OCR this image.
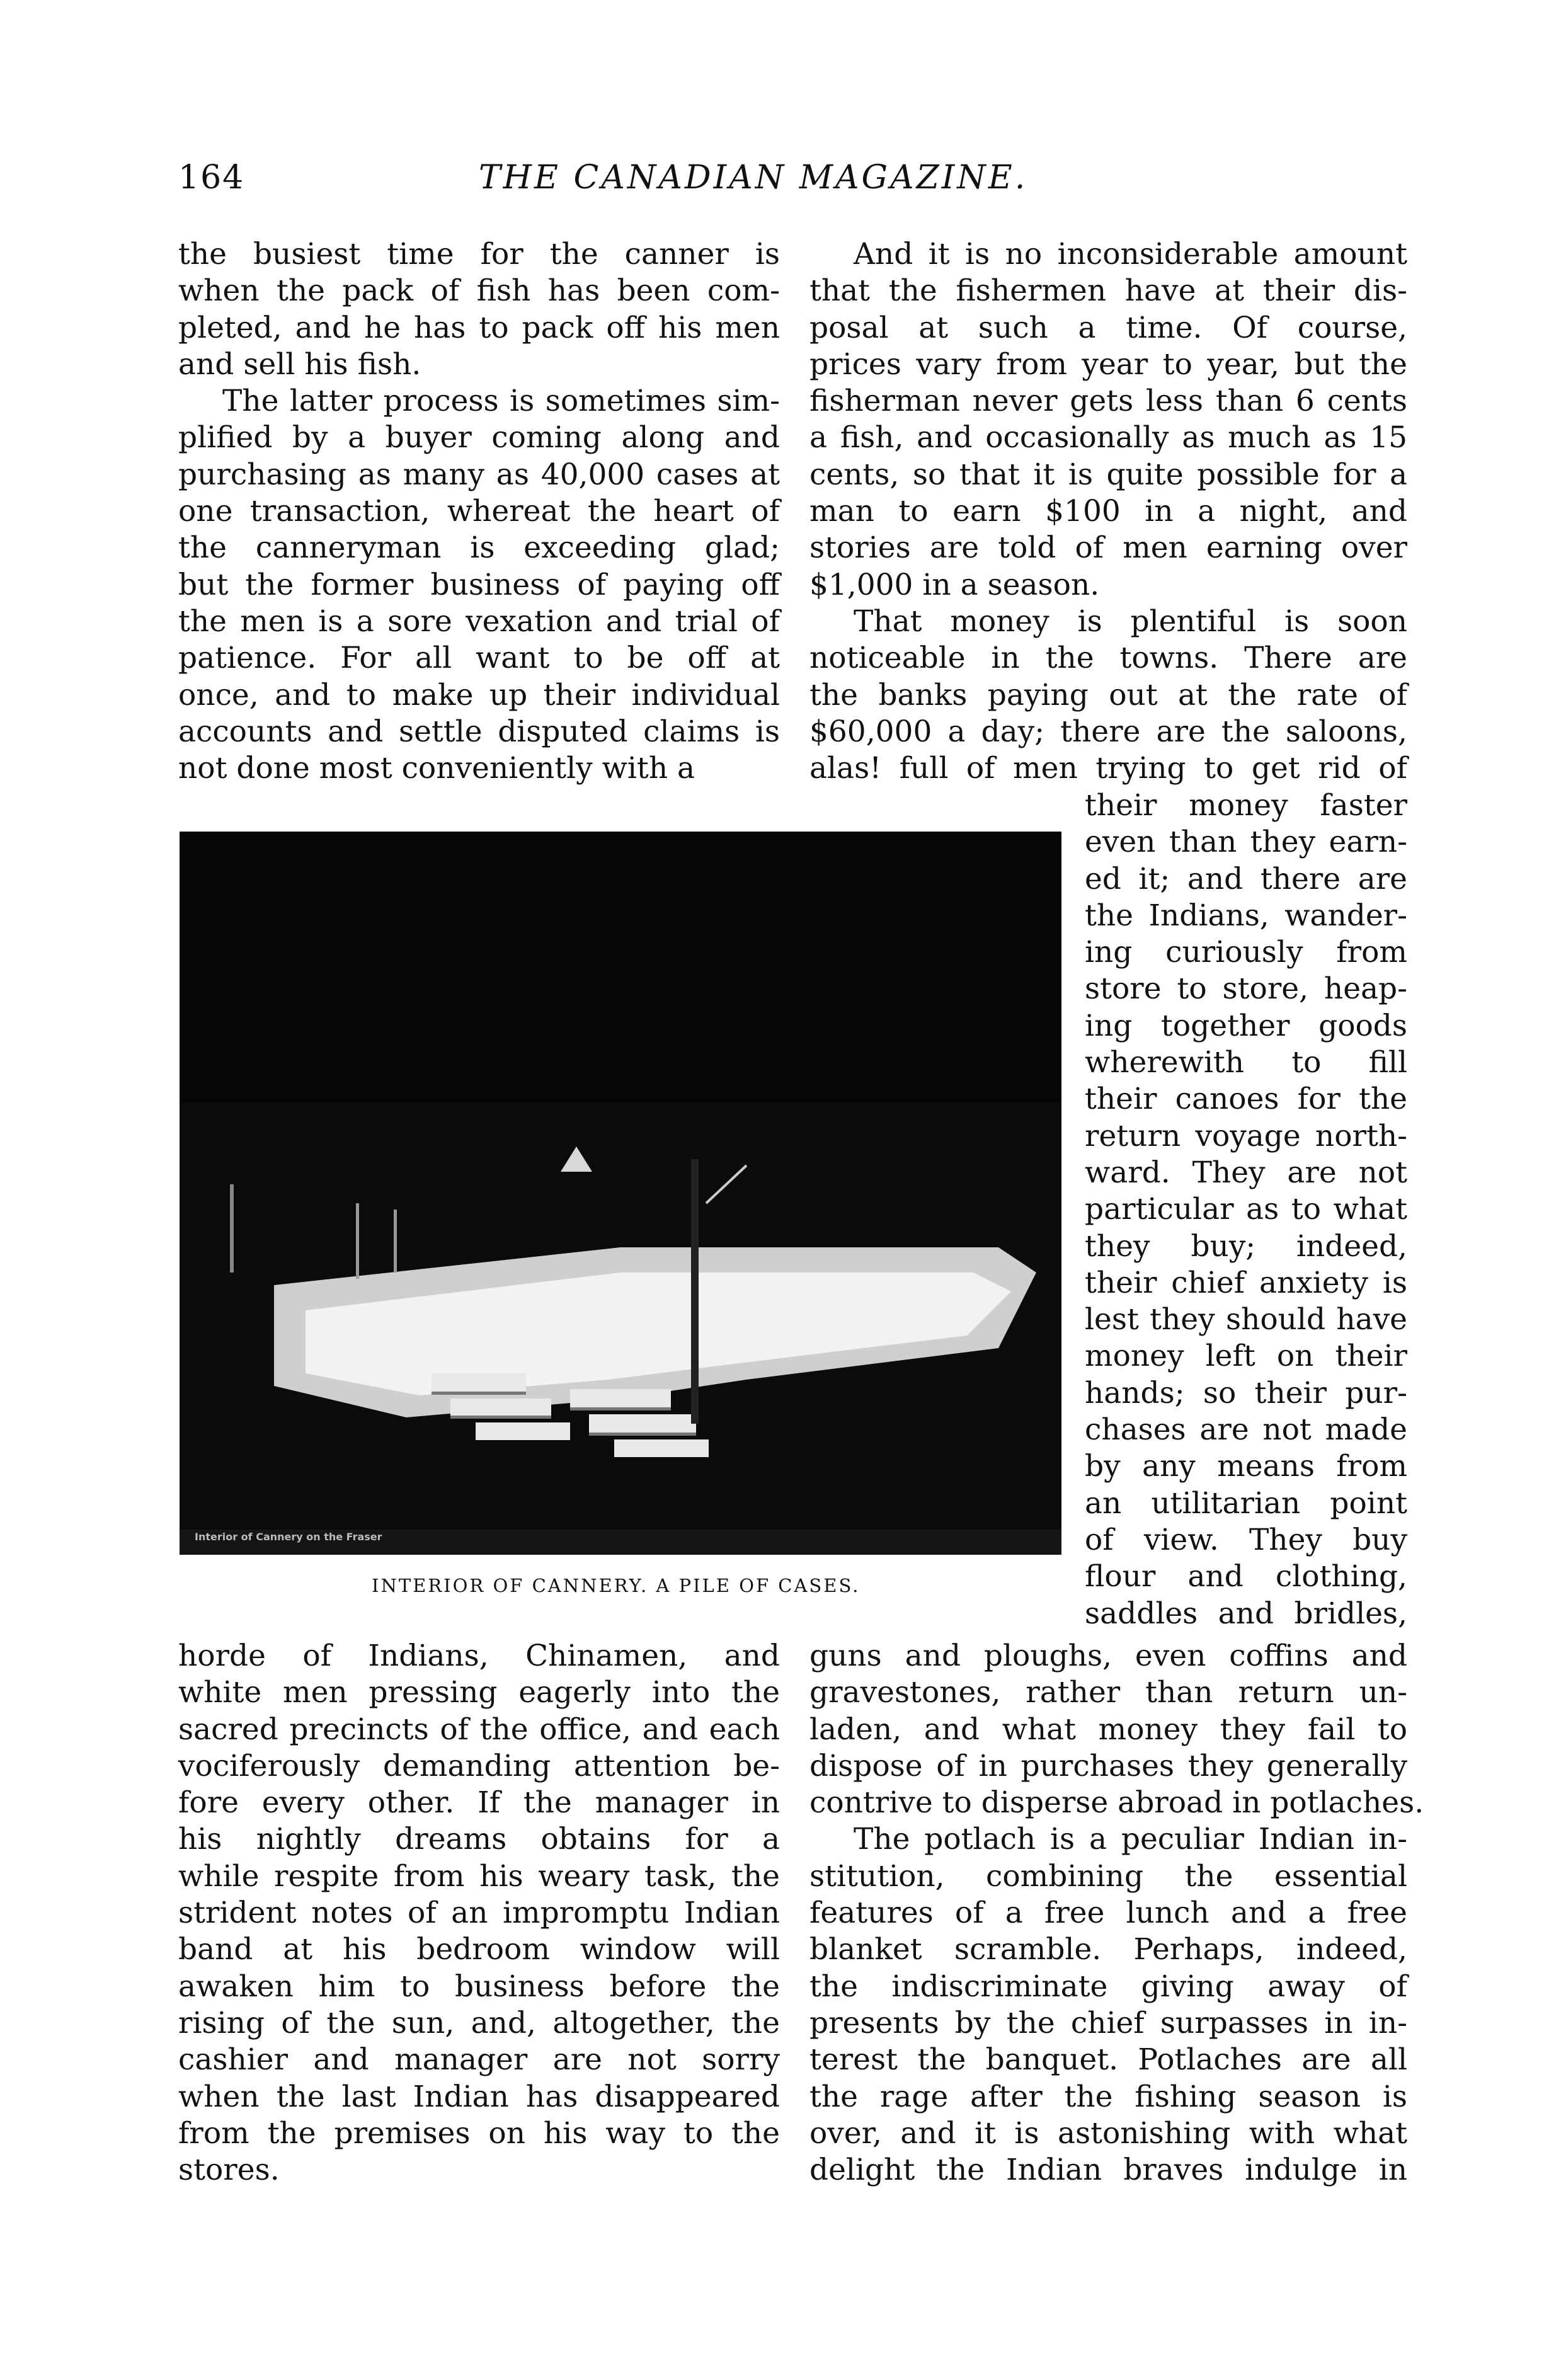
164	THE CANADIAN MAGAZINE.
the busiest time for the canner is
when the pack of fish has been com-
pleted, and he has to pack off his men
and sell his fish.
The latter process is sometimes sim-
plified by a buyer coming along and
purchasing as many as 40,000 cases at
one transaction, whereat the heart of
the canneryman is exceeding glad;
but the former business of paying off
the men is a sore vexation and trial of
patience. For all want to be off at
once, and to make up their individual
accounts and settle disputed claims is
not done most conveniently with a
And it is no inconsiderable amount
that the fishermen have at their dis-
posal at such a time. Of course,
prices vary from year to year, but the
fisherman never gets less than 6 cents
a fish, and occasionally as much as 15
cents, so that it is quite possible for a
man to earn $100 in a night, and
stories are told of men earning over
$1,000 in a season.
That money is plentiful is soon
noticeable in the towns. There are
the banks paying out at the rate of
$60,000 a day; there are the saloons,
alas! full of men trying to get rid of
their money faster
even than they earn-
ed it; and there are
the Indians, wander-
ing curiously from
store to store, heap-
ing together goods
wherewith to fill
their canoes for the
return voyage north-
ward. They are not
particular as to what
they buy; indeed,
their chief anxiety is
lest they should have
money left on their
hands; so their pur-
chases are not made
by any means from
an utilitarian point
of view. They buy
flour and clothing,
saddles and bridles,
Interior of Cannery on the Fraser
INTERIOR OF CANNERY. A PILE OF CASES.
horde of Indians, Chinamen, and
white men pressing eagerly into the
sacred precincts of the office, and each
vociferously demanding attention be-
fore every other. If the manager in
his nightly dreams obtains for a
while respite from his weary task, the
strident notes of an impromptu Indian
band at his bedroom window will
awaken him to business before the
rising of the sun, and, altogether, the
cashier and manager are not sorry
when the last Indian has disappeared
from the premises on his way to the
stores.
guns and ploughs, even coffins and
gravestones, rather than return un-
laden, and what money they fail to
dispose of in purchases they generally
contrive to disperse abroad in potlaches.
The potlach is a peculiar Indian in-
stitution, combining the essential
features of a free lunch and a free
blanket scramble. Perhaps, indeed,
the indiscriminate giving away of
presents by the chief surpasses in in-
terest the banquet. Potlaches are all
the rage after the fishing season is
over, and it is astonishing with what
delight the Indian braves indulge in
